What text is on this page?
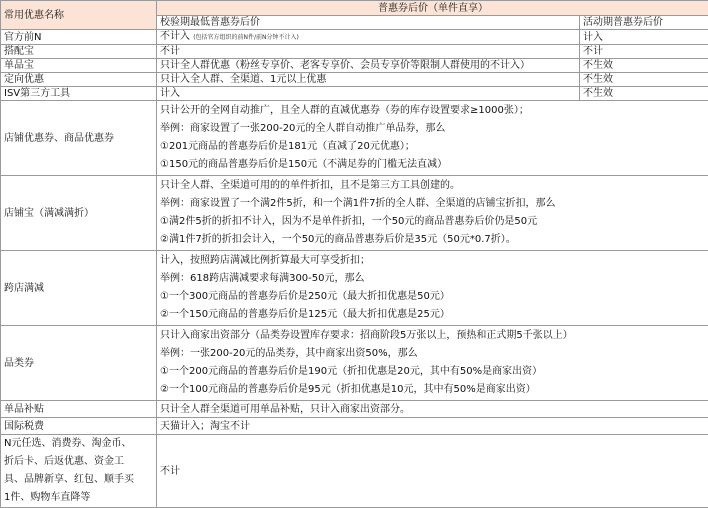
常用优惠名称	普惠券后价（单件直享）	
	校验期最低普惠券后价	活动期普惠券后价
官方前N	不计入 (包括官方组织的前N件/前N分钟不计入)	计入
搭配宝	不计	不计
单品宝	只计全人群优惠（粉丝专享价、老客专享价、会员专享价等限制人群使用的不计入）	不生效
定向优惠	只计入全人群、全渠道、1元以上优惠	不生效
ISV第三方工具	计入	不生效
店铺优惠券、商品优惠券	只计公开的全网自动推广，且全人群的直减优惠券（券的库存设置要求≥1000张）；
举例：商家设置了一张200-20元的全人群自动推广单品券，那么
①201元商品的普惠券后价是181元（直减了20元优惠）；
①150元的商品普惠券后价是150元（不满足券的门槛无法直减）	

店铺宝（满减满折）	只计全人群、全渠道可用的的单件折扣，且不是第三方工具创建的。
举例：商家设置了一个满2件5折，和一个满1件7折的全人群、全渠道的店铺宝折扣，那么
①满2件5折的折扣不计入，因为不是单件折扣，一个50元的商品普惠券后价仍是50元
②满1件7折的折扣会计入，一个50元的商品普惠券后价是35元（50元*0.7折）。	

跨店满减	计入，按照跨店满减比例折算最大可享受折扣；
举例：618跨店满减要求每满300-50元，那么
①一个300元商品的普惠券后价是250元（最大折扣优惠是50元）
②一个150元商品的普惠券后价是125元（最大折扣优惠是25元）	

品类券	只计入商家出资部分（品类券设置库存要求：招商阶段5万张以上，预热和正式期5千张以上）
举例：一张200-20元的品类券，其中商家出资50%，那么
①一个200元商品的普惠券后价是190元（折扣优惠是20元，其中有50%是商家出资）
②一个100元商品的普惠券后价是95元（折扣优惠是10元，其中有50%是商家出资）	

单品补贴	只计全人群全渠道可用单品补贴，只计入商家出资部分。	
国际税费	天猫计入；淘宝不计	

N元任选、消费券、淘金币、
折后卡、后返优惠、资金工
具、品牌新享、红包、顺手买
1件、购物车直降等	不计	
